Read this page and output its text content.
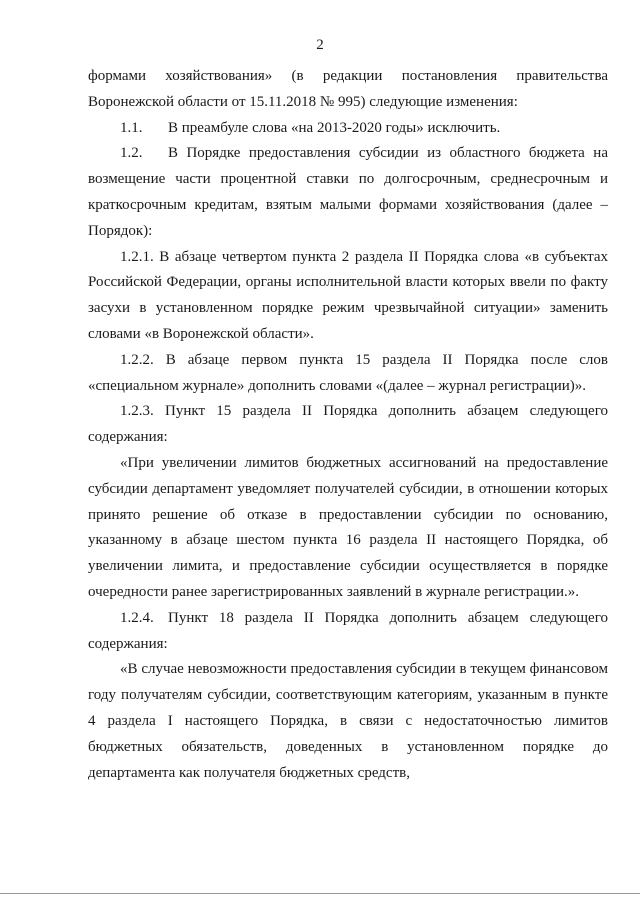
2

формами хозяйствования» (в редакции постановления правительства Воронежской области от 15.11.2018 № 995) следующие изменения:

1.1. В преамбуле слова «на 2013-2020 годы» исключить.

1.2. В Порядке предоставления субсидии из областного бюджета на возмещение части процентной ставки по долгосрочным, среднесрочным и краткосрочным кредитам, взятым малыми формами хозяйствования (далее – Порядок):

1.2.1. В абзаце четвертом пункта 2 раздела II Порядка слова «в субъектах Российской Федерации, органы исполнительной власти которых ввели по факту засухи в установленном порядке режим чрезвычайной ситуации» заменить словами «в Воронежской области».

1.2.2. В абзаце первом пункта 15 раздела II Порядка после слов «специальном журнале» дополнить словами «(далее – журнал регистрации)».

1.2.3. Пункт 15 раздела II Порядка дополнить абзацем следующего содержания:

«При увеличении лимитов бюджетных ассигнований на предоставление субсидии департамент уведомляет получателей субсидии, в отношении которых принято решение об отказе в предоставлении субсидии по основанию, указанному в абзаце шестом пункта 16 раздела II настоящего Порядка, об увеличении лимита, и предоставление субсидии осуществляется в порядке очередности ранее зарегистрированных заявлений в журнале регистрации.».

1.2.4. Пункт 18 раздела II Порядка дополнить абзацем следующего содержания:

«В случае невозможности предоставления субсидии в текущем финансовом году получателям субсидии, соответствующим категориям, указанным в пункте 4 раздела I настоящего Порядка, в связи с недостаточностью лимитов бюджетных обязательств, доведенных в установленном порядке до департамента как получателя бюджетных средств,
